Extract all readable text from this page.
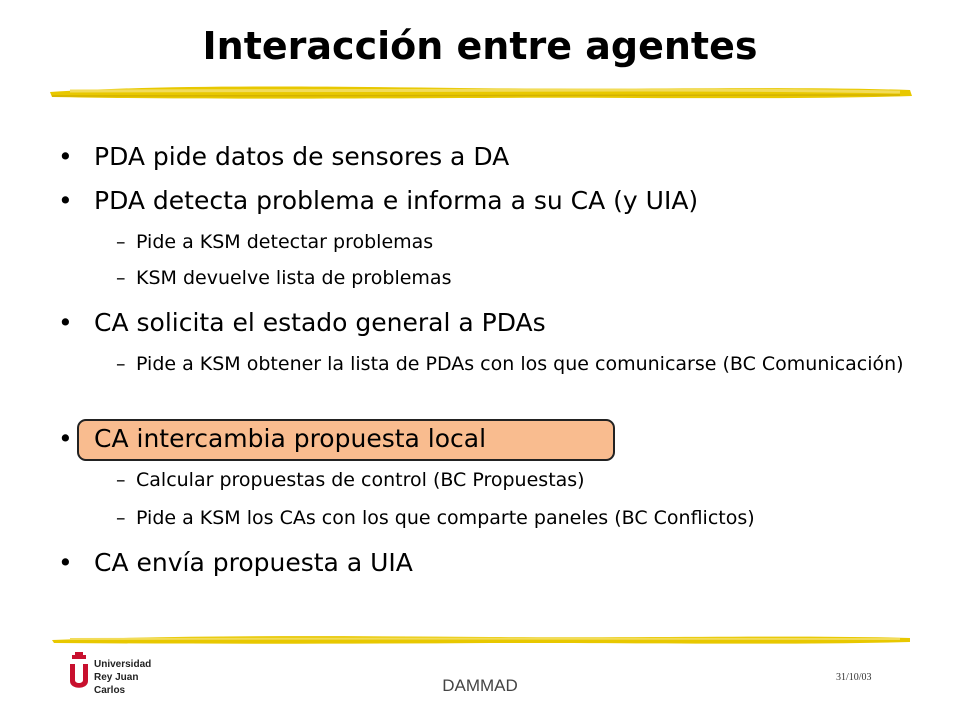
Interacción entre agentes
• PDA pide datos de sensores a DA
• PDA detecta problema e informa a su CA (y UIA)
– Pide a KSM detectar problemas
– KSM devuelve lista de problemas
• CA solicita el estado general a PDAs
– Pide a KSM obtener la lista de PDAs con los que comunicarse (BC Comunicación)
• CA intercambia propuesta local
– Calcular propuestas de control (BC Propuestas)
– Pide a KSM los CAs con los que comparte paneles (BC Conflictos)
• CA envía propuesta a UIA
Universidad
Rey Juan Carlos	DAMMAD	31/10/03
